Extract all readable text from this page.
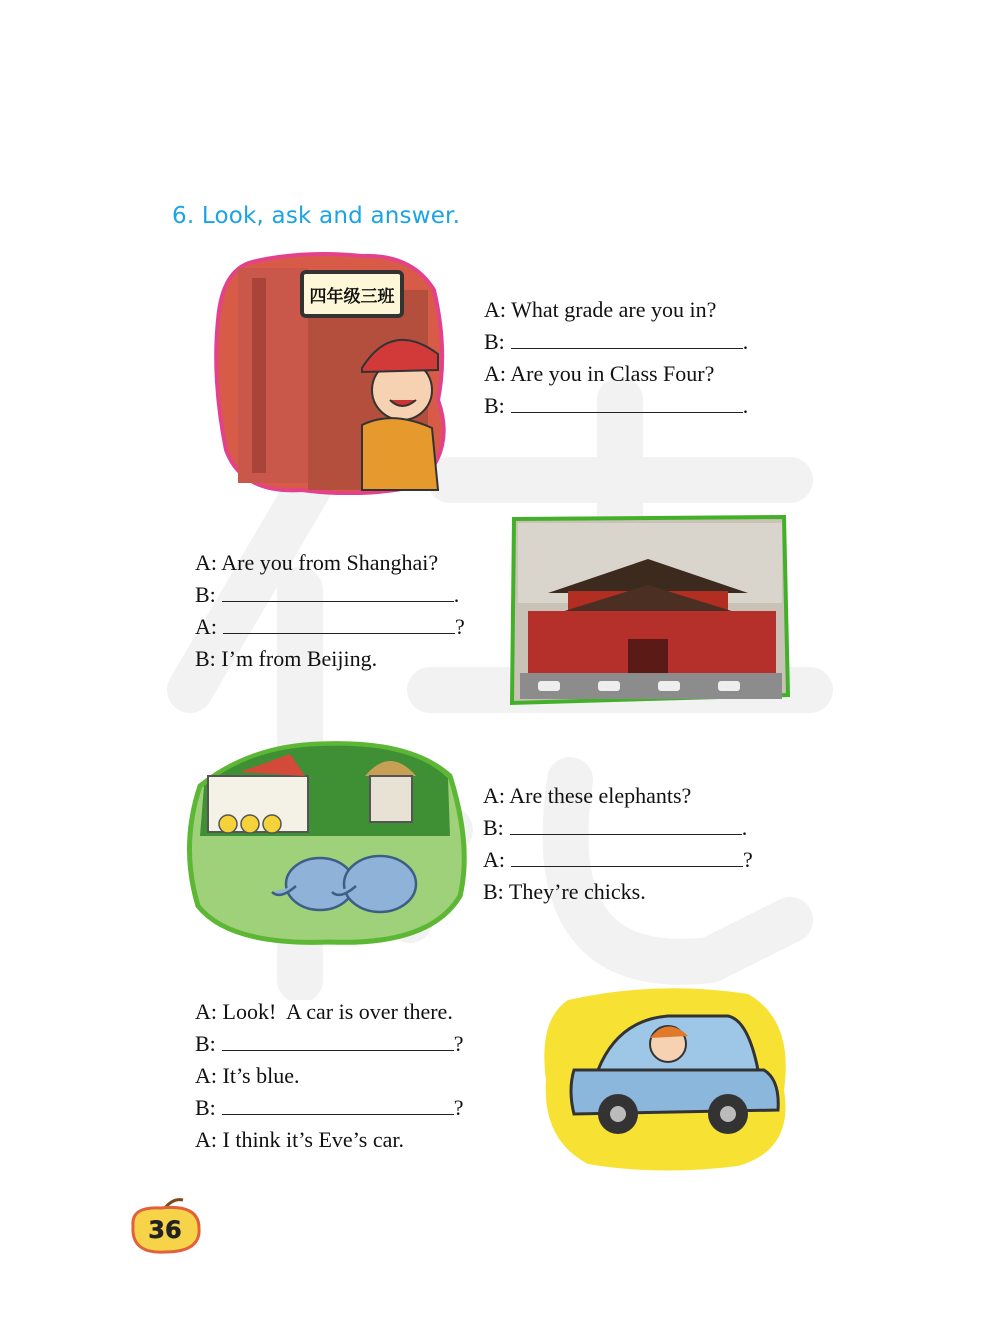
6. Look, ask and answer.
四年级三班	A: What grade are you in?
B:	.
A: Are you in Class Four?
B:	.
A: Are you from Shanghai?
B:	.
A:	?
B: I’m from Beijing.
A: Are these elephants?
B:	.
A:	?
B: They’re chicks.
A: Look!  A car is over there.
B:	?
A: It’s blue.
B:	?
A: I think it’s Eve’s car.
36
